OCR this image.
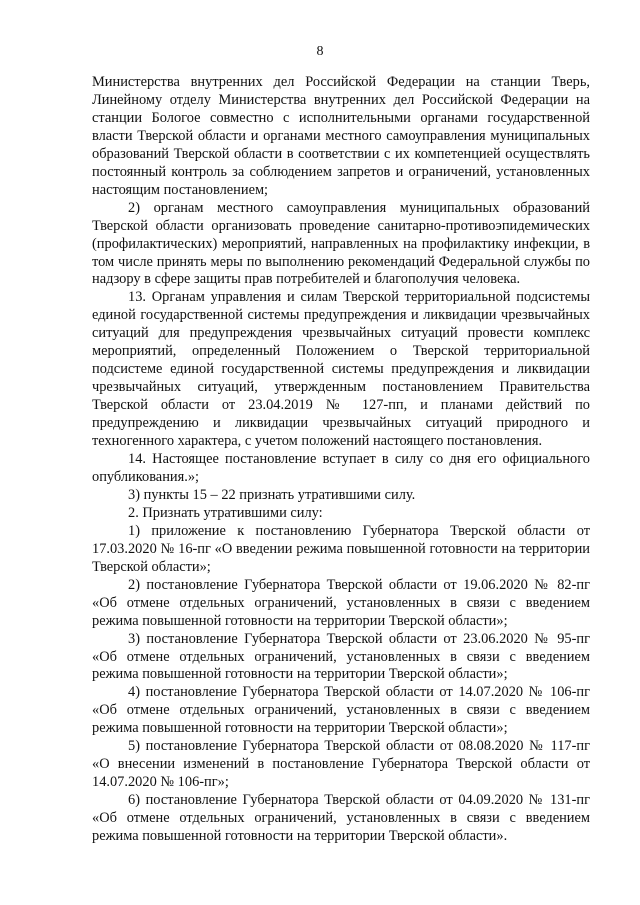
8

Министерства внутренних дел Российской Федерации на станции Тверь, Линейному отделу Министерства внутренних дел Российской Федерации на станции Бологое совместно с исполнительными органами государственной власти Тверской области и органами местного самоуправления муниципальных образований Тверской области в соответствии с их компетенцией осуществлять постоянный контроль за соблюдением запретов и ограничений, установленных настоящим постановлением;

2) органам местного самоуправления муниципальных образований Тверской области организовать проведение санитарно-противоэпидемических (профилактических) мероприятий, направленных на профилактику инфекции, в том числе принять меры по выполнению рекомендаций Федеральной службы по надзору в сфере защиты прав потребителей и благополучия человека.

13. Органам управления и силам Тверской территориальной подсистемы единой государственной системы предупреждения и ликвидации чрезвычайных ситуаций для предупреждения чрезвычайных ситуаций провести комплекс мероприятий, определенный Положением о Тверской территориальной подсистеме единой государственной системы предупреждения и ликвидации чрезвычайных ситуаций, утвержденным постановлением Правительства Тверской области от 23.04.2019 № 127-пп, и планами действий по предупреждению и ликвидации чрезвычайных ситуаций природного и техногенного характера, с учетом положений настоящего постановления.

14. Настоящее постановление вступает в силу со дня его официального опубликования.»;

3) пункты 15 – 22 признать утратившими силу.

2. Признать утратившими силу:

1) приложение к постановлению Губернатора Тверской области от 17.03.2020 № 16-пг «О введении режима повышенной готовности на территории Тверской области»;

2) постановление Губернатора Тверской области от 19.06.2020 № 82-пг «Об отмене отдельных ограничений, установленных в связи с введением режима повышенной готовности на территории Тверской области»;

3) постановление Губернатора Тверской области от 23.06.2020 № 95-пг «Об отмене отдельных ограничений, установленных в связи с введением режима повышенной готовности на территории Тверской области»;

4) постановление Губернатора Тверской области от 14.07.2020 № 106-пг «Об отмене отдельных ограничений, установленных в связи с введением режима повышенной готовности на территории Тверской области»;

5) постановление Губернатора Тверской области от 08.08.2020 № 117-пг «О внесении изменений в постановление Губернатора Тверской области от 14.07.2020 № 106-пг»;

6) постановление Губернатора Тверской области от 04.09.2020 № 131-пг «Об отмене отдельных ограничений, установленных в связи с введением режима повышенной готовности на территории Тверской области».
